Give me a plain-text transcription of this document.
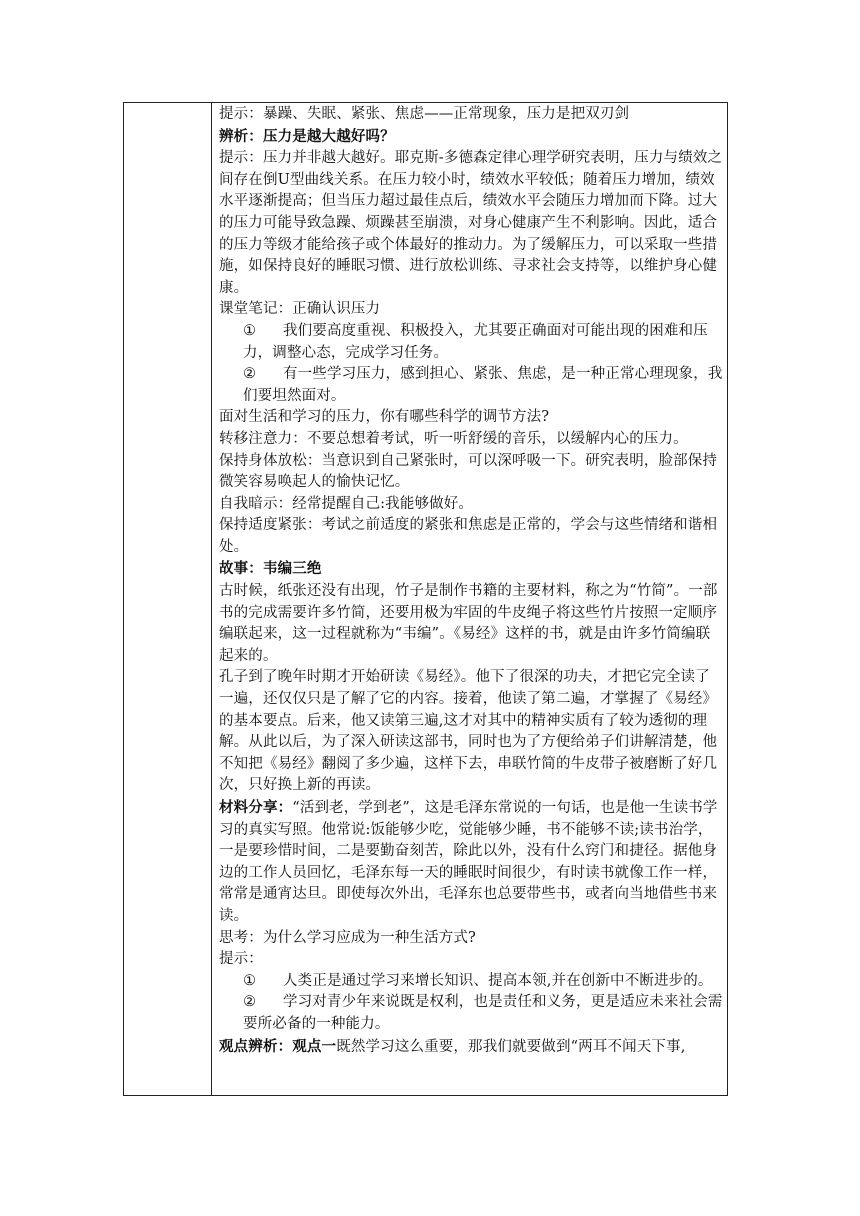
提示：暴躁、失眠、紧张、焦虑——正常现象，压力是把双刃剑

辨析：压力是越大越好吗？

提示：压力并非越大越好。耶克斯-多德森定律心理学研究表明，压力与绩效之间存在倒U型曲线关系。在压力较小时，绩效水平较低；随着压力增加，绩效水平逐渐提高；但当压力超过最佳点后，绩效水平会随压力增加而下降。过大的压力可能导致急躁、烦躁甚至崩溃，对身心健康产生不利影响。因此，适合的压力等级才能给孩子或个体最好的推动力。为了缓解压力，可以采取一些措施，如保持良好的睡眠习惯、进行放松训练、寻求社会支持等，以维护身心健康。

课堂笔记：正确认识压力

① 我们要高度重视、积极投入，尤其要正确面对可能出现的困难和压力，调整心态，完成学习任务。

② 有一些学习压力，感到担心、紧张、焦虑，是一种正常心理现象，我们要坦然面对。

面对生活和学习的压力，你有哪些科学的调节方法?

转移注意力：不要总想着考试，听一听舒缓的音乐，以缓解内心的压力。

保持身体放松：当意识到自己紧张时，可以深呼吸一下。研究表明，脸部保持微笑容易唤起人的愉快记忆。

自我暗示：经常提醒自己:我能够做好。

保持适度紧张：考试之前适度的紧张和焦虑是正常的，学会与这些情绪和谐相处。

故事：韦编三绝

古时候，纸张还没有出现，竹子是制作书籍的主要材料，称之为“竹简”。一部书的完成需要许多竹简，还要用极为牢固的牛皮绳子将这些竹片按照一定顺序编联起来，这一过程就称为“韦编”。《易经》这样的书，就是由许多竹简编联起来的。

孔子到了晚年时期才开始研读《易经》。他下了很深的功夫，才把它完全读了一遍，还仅仅只是了解了它的内容。接着，他读了第二遍，才掌握了《易经》的基本要点。后来，他又读第三遍,这才对其中的精神实质有了较为透彻的理解。从此以后，为了深入研读这部书，同时也为了方便给弟子们讲解清楚，他不知把《易经》翻阅了多少遍，这样下去，串联竹简的牛皮带子被磨断了好几次，只好换上新的再读。

材料分享：“活到老，学到老”，这是毛泽东常说的一句话，也是他一生读书学习的真实写照。他常说:饭能够少吃，觉能够少睡，书不能够不读;读书治学，一是要珍惜时间，二是要勤奋刻苦，除此以外，没有什么窍门和捷径。据他身边的工作人员回忆，毛泽东每一天的睡眠时间很少，有时读书就像工作一样，常常是通宵达旦。即使每次外出，毛泽东也总要带些书，或者向当地借些书来读。

思考：为什么学习应成为一种生活方式?

提示：

① 人类正是通过学习来增长知识、提高本领,并在创新中不断进步的。

② 学习对青少年来说既是权利，也是责任和义务，更是适应未来社会需要所必备的一种能力。

观点辨析：观点一既然学习这么重要，那我们就要做到“两耳不闻天下事,
